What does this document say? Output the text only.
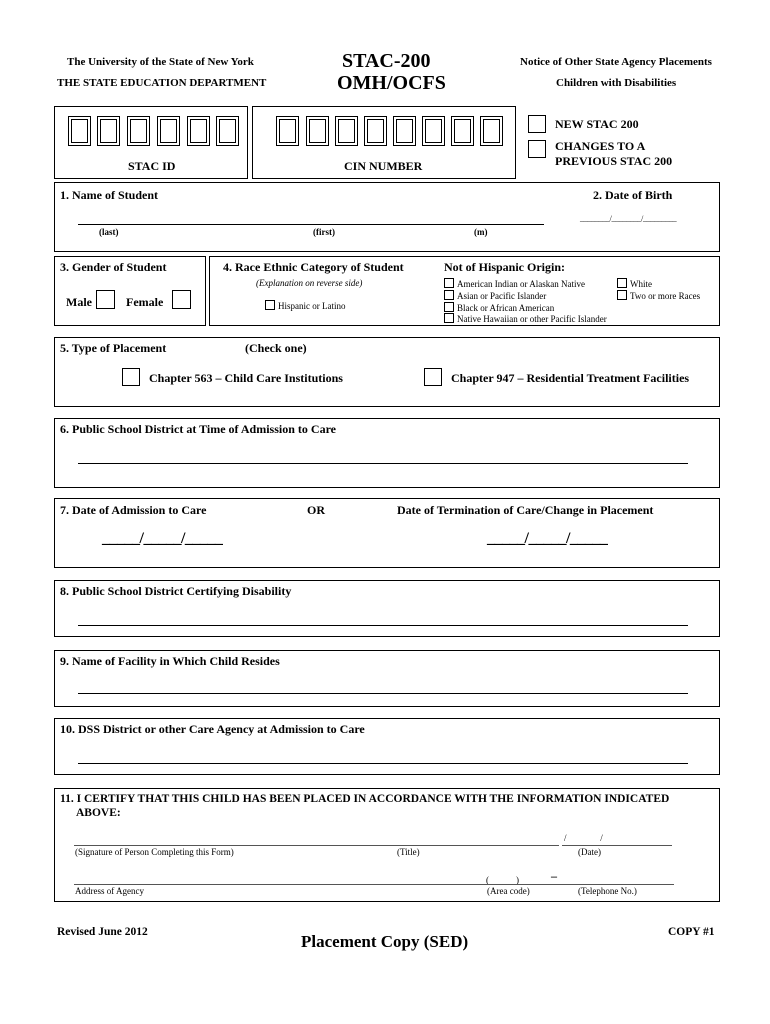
The University of the State of New York
THE STATE EDUCATION DEPARTMENT
STAC-200
OMH/OCFS
Notice of Other State Agency Placements
Children with Disabilities
STAC ID	CIN NUMBER
NEW STAC 200
CHANGES TO A
PREVIOUS STAC 200
1. Name of Student
(last)	(first)	(m)
2. Date of Birth
________/________/_________
3. Gender of Student
Male	Female
4. Race Ethnic Category of Student
(Explanation on reverse side)
Hispanic or Latino
Not of Hispanic Origin:
American Indian or Alaskan Native
Asian or Pacific Islander
Black or African American
Native Hawaiian or other Pacific Islander
White
Two or more Races
5. Type of Placement	(Check one)
Chapter 563 – Child Care Institutions	Chapter 947 – Residential Treatment Facilities
6. Public School District at Time of Admission to Care
7. Date of Admission to Care	OR	Date of Termination of Care/Change in Placement
_____/_____/_____	_____/_____/_____
8. Public School District Certifying Disability
9. Name of Facility in Which Child Resides
10. DSS District or other Care Agency at Admission to Care
11. I CERTIFY THAT THIS CHILD HAS BEEN PLACED IN ACCORDANCE WITH THE INFORMATION INDICATED
ABOVE:
/               /
(Signature of Person Completing this Form)	(Title)	(Date)
(            )	–
Address of Agency	(Area code)	(Telephone No.)
Revised June 2012	Placement Copy (SED)	COPY #1
